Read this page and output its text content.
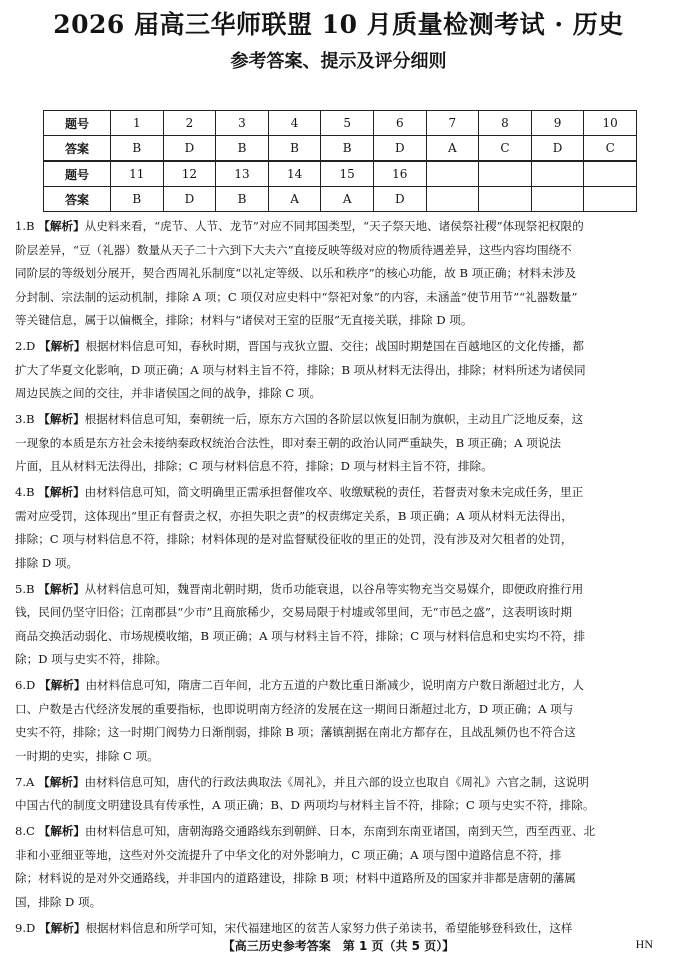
2026 届高三华师联盟 10 月质量检测考试 · 历史
参考答案、提示及评分细则
题号	1	2	3	4	5	6	7	8	9	10
答案	B	D	B	B	B	D	A	C	D	C
题号	11	12	13	14	15	16				
答案	B	D	B	A	A	D				

1.B 【解析】从史料来看，“虎节、人节、龙节”对应不同邦国类型，“天子祭天地、诸侯祭社稷”体现祭祀权限的

阶层差异，“豆（礼器）数量从天子二十六到下大夫六”直接反映等级对应的物质待遇差异，这些内容均围绕不

同阶层的等级划分展开，契合西周礼乐制度“以礼定等级、以乐和秩序”的核心功能，故 B 项正确；材料未涉及

分封制、宗法制的运动机制，排除 A 项；C 项仅对应史料中“祭祀对象”的内容，未涵盖“使节用节”“礼器数量”

等关键信息，属于以偏概全，排除；材料与“诸侯对王室的臣服”无直接关联，排除 D 项。

2.D 【解析】根据材料信息可知，春秋时期，晋国与戎狄立盟、交往；战国时期楚国在百越地区的文化传播，都

扩大了华夏文化影响，D 项正确；A 项与材料主旨不符，排除；B 项从材料无法得出，排除；材料所述为诸侯同

周边民族之间的交往，并非诸侯国之间的战争，排除 C 项。

3.B 【解析】根据材料信息可知，秦朝统一后，原东方六国的各阶层以恢复旧制为旗帜，主动且广泛地反秦，这

一现象的本质是东方社会未接纳秦政权统治合法性，即对秦王朝的政治认同严重缺失，B 项正确；A 项说法

片面，且从材料无法得出，排除；C 项与材料信息不符，排除；D 项与材料主旨不符，排除。

4.B 【解析】由材料信息可知，简文明确里正需承担督催攻卒、收缴赋税的责任，若督责对象未完成任务，里正

需对应受罚，这体现出“里正有督责之权，亦担失职之责”的权责绑定关系，B 项正确；A 项从材料无法得出，

排除；C 项与材料信息不符，排除；材料体现的是对监督赋役征收的里正的处罚，没有涉及对欠租者的处罚，

排除 D 项。

5.B 【解析】从材料信息可知，魏晋南北朝时期，货币功能衰退，以谷帛等实物充当交易媒介，即便政府推行用

钱，民间仍坚守旧俗；江南郡县“少市”且商旅稀少，交易局限于村墟或邻里间，无“市邑之盛”，这表明该时期

商品交换活动弱化、市场规模收缩，B 项正确；A 项与材料主旨不符，排除；C 项与材料信息和史实均不符，排

除；D 项与史实不符，排除。

6.D 【解析】由材料信息可知，隋唐二百年间，北方五道的户数比重日渐减少，说明南方户数日渐超过北方，人

口、户数是古代经济发展的重要指标，也即说明南方经济的发展在这一期间日渐超过北方，D 项正确；A 项与

史实不符，排除；这一时期门阀势力日渐削弱，排除 B 项；藩镇割据在南北方都存在，且战乱频仍也不符合这

一时期的史实，排除 C 项。

7.A 【解析】由材料信息可知，唐代的行政法典取法《周礼》，并且六部的设立也取自《周礼》六官之制，这说明

中国古代的制度文明建设具有传承性，A 项正确；B、D 两项均与材料主旨不符，排除；C 项与史实不符，排除。

8.C 【解析】由材料信息可知，唐朝海路交通路线东到朝鲜、日本，东南到东南亚诸国，南到天竺，西至西亚、北

非和小亚细亚等地，这些对外交流提升了中华文化的对外影响力，C 项正确；A 项与图中道路信息不符，排

除；材料说的是对外交通路线，并非国内的道路建设，排除 B 项；材料中道路所及的国家并非都是唐朝的藩属

国，排除 D 项。

9.D 【解析】根据材料信息和所学可知，宋代福建地区的贫苦人家努力供子弟读书，希望能够登科致仕，这样

【高三历史参考答案　第 1 页（共 5 页）】	HN
